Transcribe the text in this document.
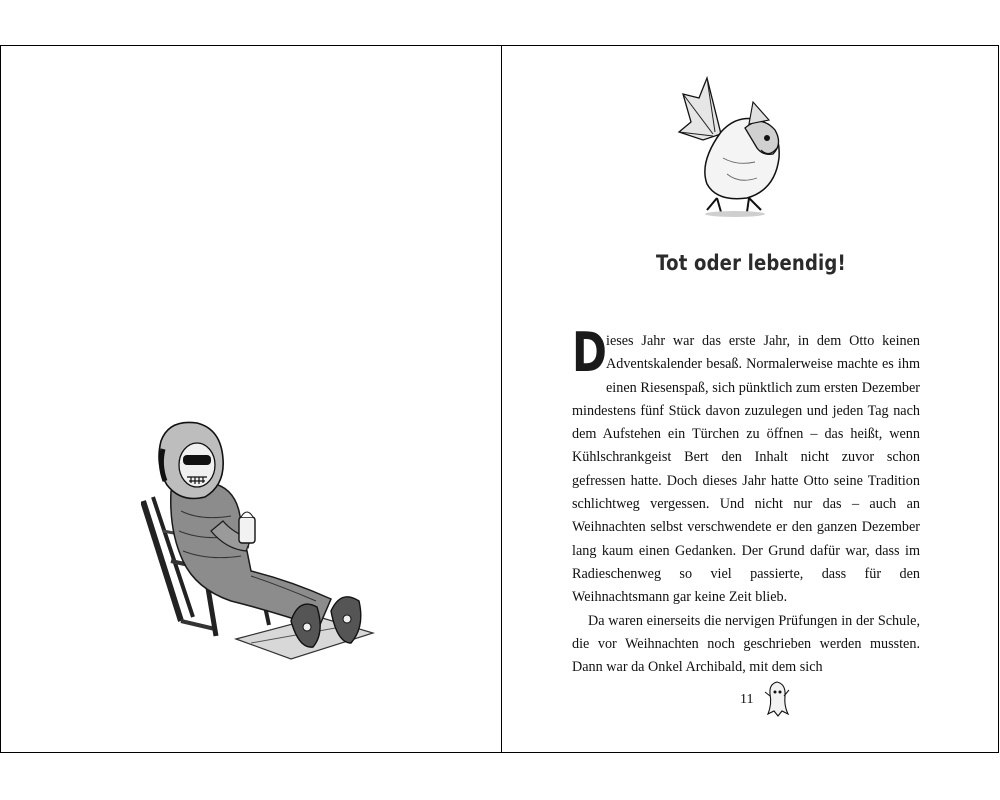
Tot oder lebendig!

Dieses Jahr war das erste Jahr, in dem Otto keinen Adventskalender besaß. Normalerweise machte es ihm einen Riesenspaß, sich pünktlich zum ersten Dezember mindestens fünf Stück davon zuzulegen und jeden Tag nach dem Aufstehen ein Türchen zu öffnen – das heißt, wenn Kühlschrankgeist Bert den Inhalt nicht zuvor schon gefressen hatte. Doch dieses Jahr hatte Otto seine Tradition schlichtweg vergessen. Und nicht nur das – auch an Weihnachten selbst verschwendete er den ganzen Dezember lang kaum einen Gedanken. Der Grund dafür war, dass im Radieschenweg so viel passierte, dass für den Weihnachtsmann gar keine Zeit blieb.

Da waren einerseits die nervigen Prüfungen in der Schule, die vor Weihnachten noch geschrieben werden mussten. Dann war da Onkel Archibald, mit dem sich

11
